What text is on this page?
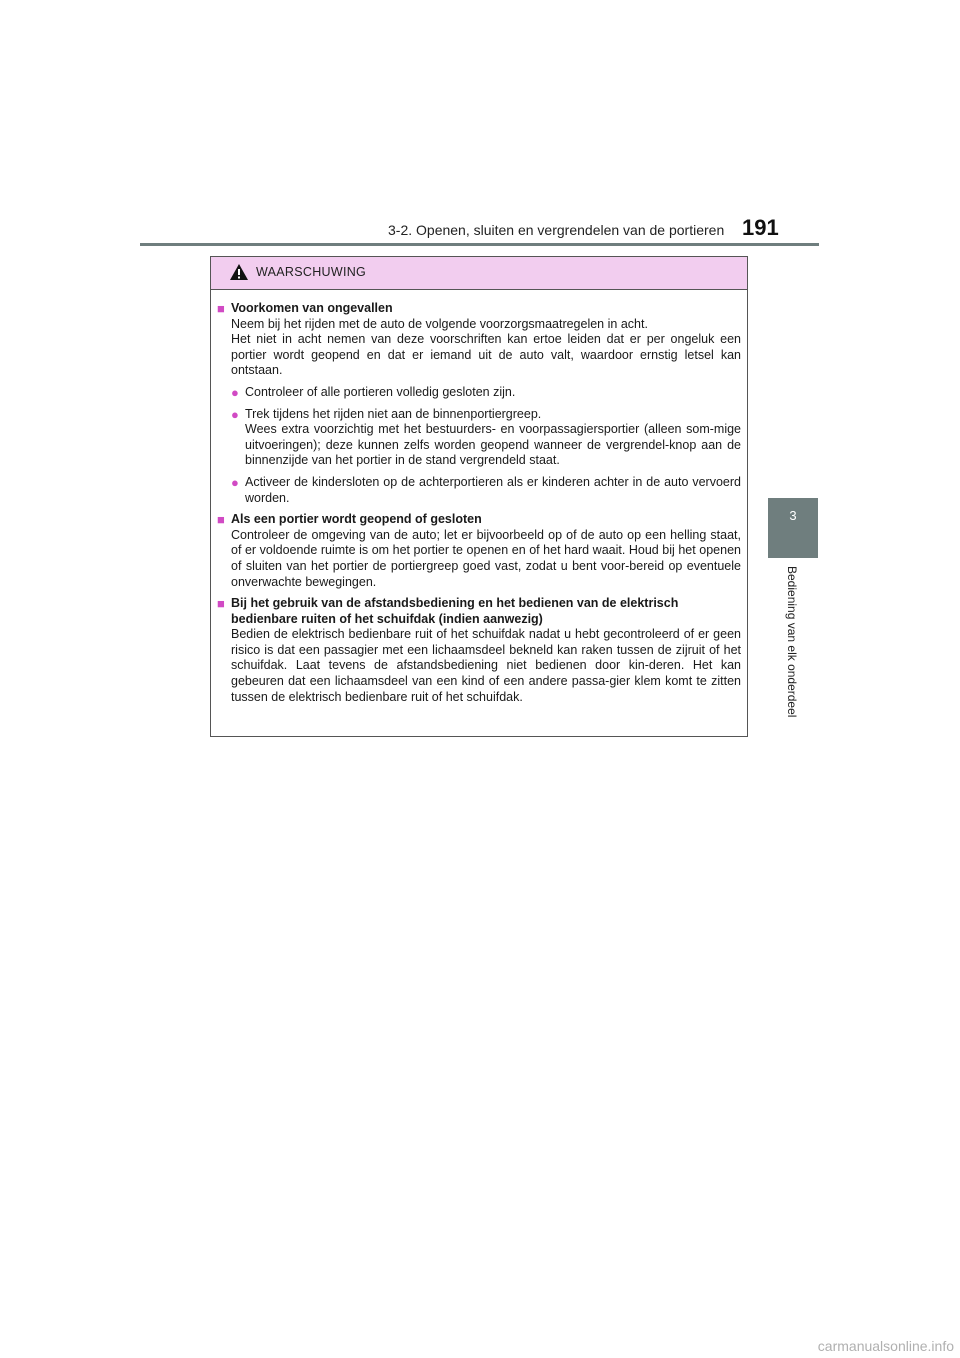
3-2. Openen, sluiten en vergrendelen van de portieren 191
3
Bediening van elk onderdeel
WAARSCHUWING
■ Voorkomen van ongevallen

Neem bij het rijden met de auto de volgende voorzorgsmaatregelen in acht.

Het niet in acht nemen van deze voorschriften kan ertoe leiden dat er per ongeluk een portier wordt geopend en dat er iemand uit de auto valt, waardoor ernstig letsel kan ontstaan.

● Controleer of alle portieren volledig gesloten zijn.

● Trek tijdens het rijden niet aan de binnenportiergreep.

Wees extra voorzichtig met het bestuurders- en voorpassagiersportier (alleen som-mige uitvoeringen); deze kunnen zelfs worden geopend wanneer de vergrendel-knop aan de binnenzijde van het portier in de stand vergrendeld staat.

● Activeer de kindersloten op de achterportieren als er kinderen achter in de auto vervoerd worden.

■ Als een portier wordt geopend of gesloten

Controleer de omgeving van de auto; let er bijvoorbeeld op of de auto op een helling staat, of er voldoende ruimte is om het portier te openen en of het hard waait. Houd bij het openen of sluiten van het portier de portiergreep goed vast, zodat u bent voor-bereid op eventuele onverwachte bewegingen.

■ Bij het gebruik van de afstandsbediening en het bedienen van de elektrisch bedienbare ruiten of het schuifdak (indien aanwezig)

Bedien de elektrisch bedienbare ruit of het schuifdak nadat u hebt gecontroleerd of er geen risico is dat een passagier met een lichaamsdeel bekneld kan raken tussen de zijruit of het schuifdak. Laat tevens de afstandsbediening niet bedienen door kin-deren. Het kan gebeuren dat een lichaamsdeel van een kind of een andere passa-gier klem komt te zitten tussen de elektrisch bedienbare ruit of het schuifdak.

carmanualsonline.info
